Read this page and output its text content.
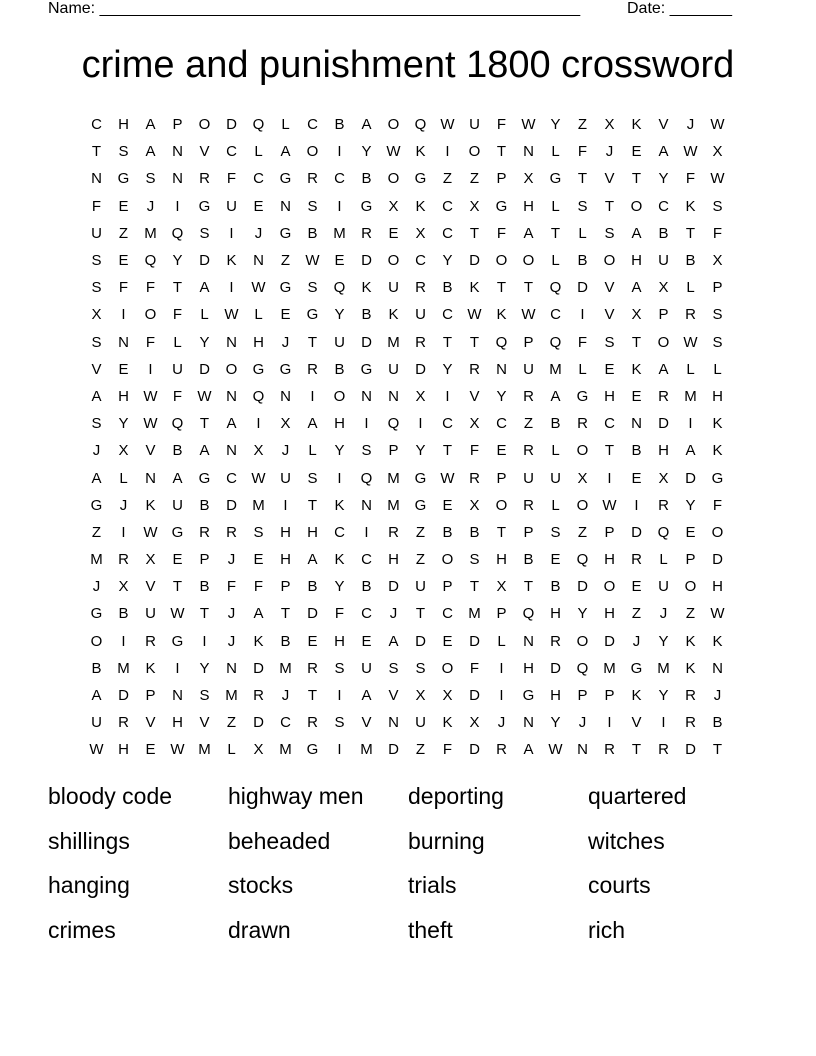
Name: ______________________________________________________	Date: _______
crime and punishment 1800 crossword
C	H	A	P	O	D	Q	L	C	B	A	O	Q W U	F	W Y	Z	X	K	V	J	W
T	S	A	N	V	C	L	A	O	I	Y W K	I	O	T	N	L	F	J	E	A W X
N	G	S	N	R	F	C	G	R	C	B	O	G	Z	Z	P	X	G	T	V	T	Y	F	W
F	E	J	I	G	U	E	N	S	I	G	X	K	C	X	G	H	L	S	T	O	C	K	S
U	Z	M Q	S	I	J	G	B	M	R	E	X	C	T	F	A	T	L	S	A	B	T	F
S	E	Q	Y	D	K	N	Z	W E	D	O	C	Y	D	O	O	L	B	O	H	U	B	X
S	F	F	T	A	I	W G	S	Q	K	U	R	B	K	T	T	Q	D	V	A	X	L	P
X	I	O	F	L	W	L	E	G	Y	B	K	U	C W K W C	I	V	X	P	R	S
S	N	F	L	Y	N	H	J	T	U	D	M	R	T	T	Q	P	Q	F	S	T	O W S
V	E	I	U	D	O	G	G	R	B	G	U	D	Y	R	N	U	M	L	E	K	A	L	L
A	H W	F	W N	Q	N	I	O	N	N	X	I	V	Y	R	A	G	H	E	R	M	H
S	Y W Q	T	A	I	X	A	H	I	Q	I	C	X	C	Z	B	R	C	N	D	I	K
J	X	V	B	A	N	X	J	L	Y	S	P	Y	T	F	E	R	L	O	T	B	H	A	K
A	L	N	A	G	C W U	S	I	Q M G W R	P	U	U	X	I	E	X	D	G
G	J	K	U	B	D	M	I	T	K	N	M G	E	X	O	R	L	O W	I	R	Y	F
Z	I	W G	R	R	S	H	H	C	I	R	Z	B	B	T	P	S	Z	P	D	Q	E	O
M	R	X	E	P	J	E	H	A	K	C	H	Z	O	S	H	B	E	Q	H	R	L	P	D
J	X	V	T	B	F	F	P	B	Y	B	D	U	P	T	X	T	B	D	O	E	U	O	H
G	B	U W	T	J	A	T	D	F	C	J	T	C	M	P	Q	H	Y	H	Z	J	Z	W
O	I	R	G	I	J	K	B	E	H	E	A	D	E	D	L	N	R	O	D	J	Y	K	K
B	M	K	I	Y	N	D	M	R	S	U	S	S	O	F	I	H	D	Q M G M	K	N
A	D	P	N	S	M	R	J	T	I	A	V	X	X	D	I	G	H	P	P	K	Y	R	J
U	R	V	H	V	Z	D	C	R	S	V	N	U	K	X	J	N	Y	J	I	V	I	R	B
W H	E W M	L	X	M G	I	M	D	Z	F	D	R	A W N	R	T	R	D	T
bloody code	highway men	deporting	quartered
shillings	beheaded	burning	witches
hanging	stocks	trials	courts
crimes	drawn	theft	rich
